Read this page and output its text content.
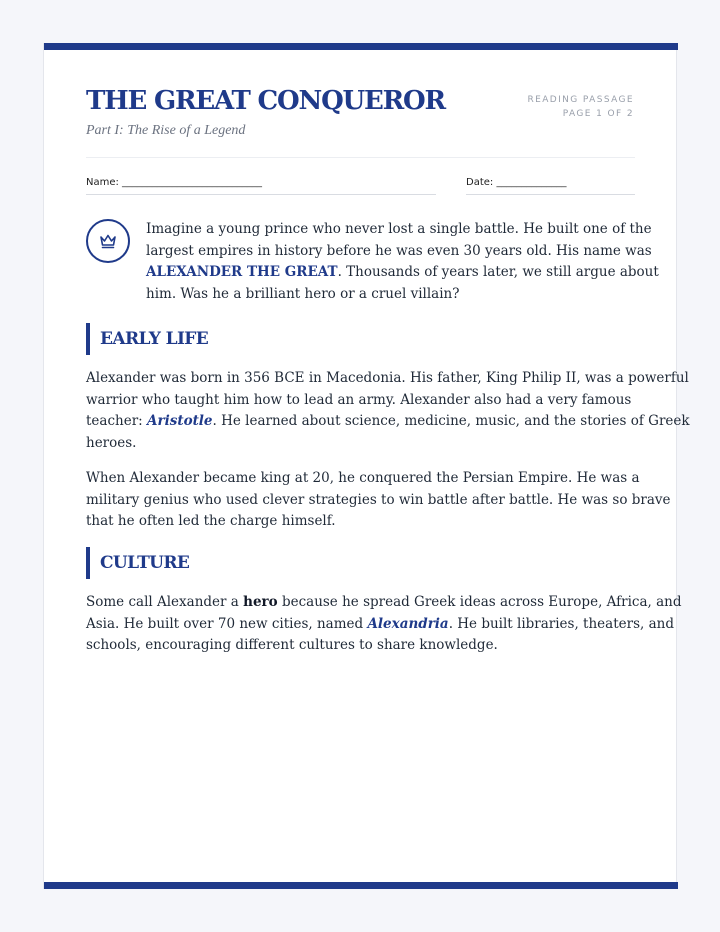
THE GREAT CONQUEROR
Part I: The Rise of a Legend
READING PASSAGE
PAGE 1 OF 2
Name: ____________________________	Date: ______________
Imagine a young prince who never lost a single battle. He built one of the
largest empires in history before he was even 30 years old. His name was
ALEXANDER THE GREAT. Thousands of years later, we still argue about
him. Was he a brilliant hero or a cruel villain?
EARLY LIFE
Alexander was born in 356 BCE in Macedonia. His father, King Philip II, was a powerful
warrior who taught him how to lead an army. Alexander also had a very famous
teacher: Aristotle. He learned about science, medicine, music, and the stories of Greek
heroes.
When Alexander became king at 20, he conquered the Persian Empire. He was a
military genius who used clever strategies to win battle after battle. He was so brave
that he often led the charge himself.
CULTURE
Some call Alexander a hero because he spread Greek ideas across Europe, Africa, and
Asia. He built over 70 new cities, named Alexandria. He built libraries, theaters, and
schools, encouraging different cultures to share knowledge.
